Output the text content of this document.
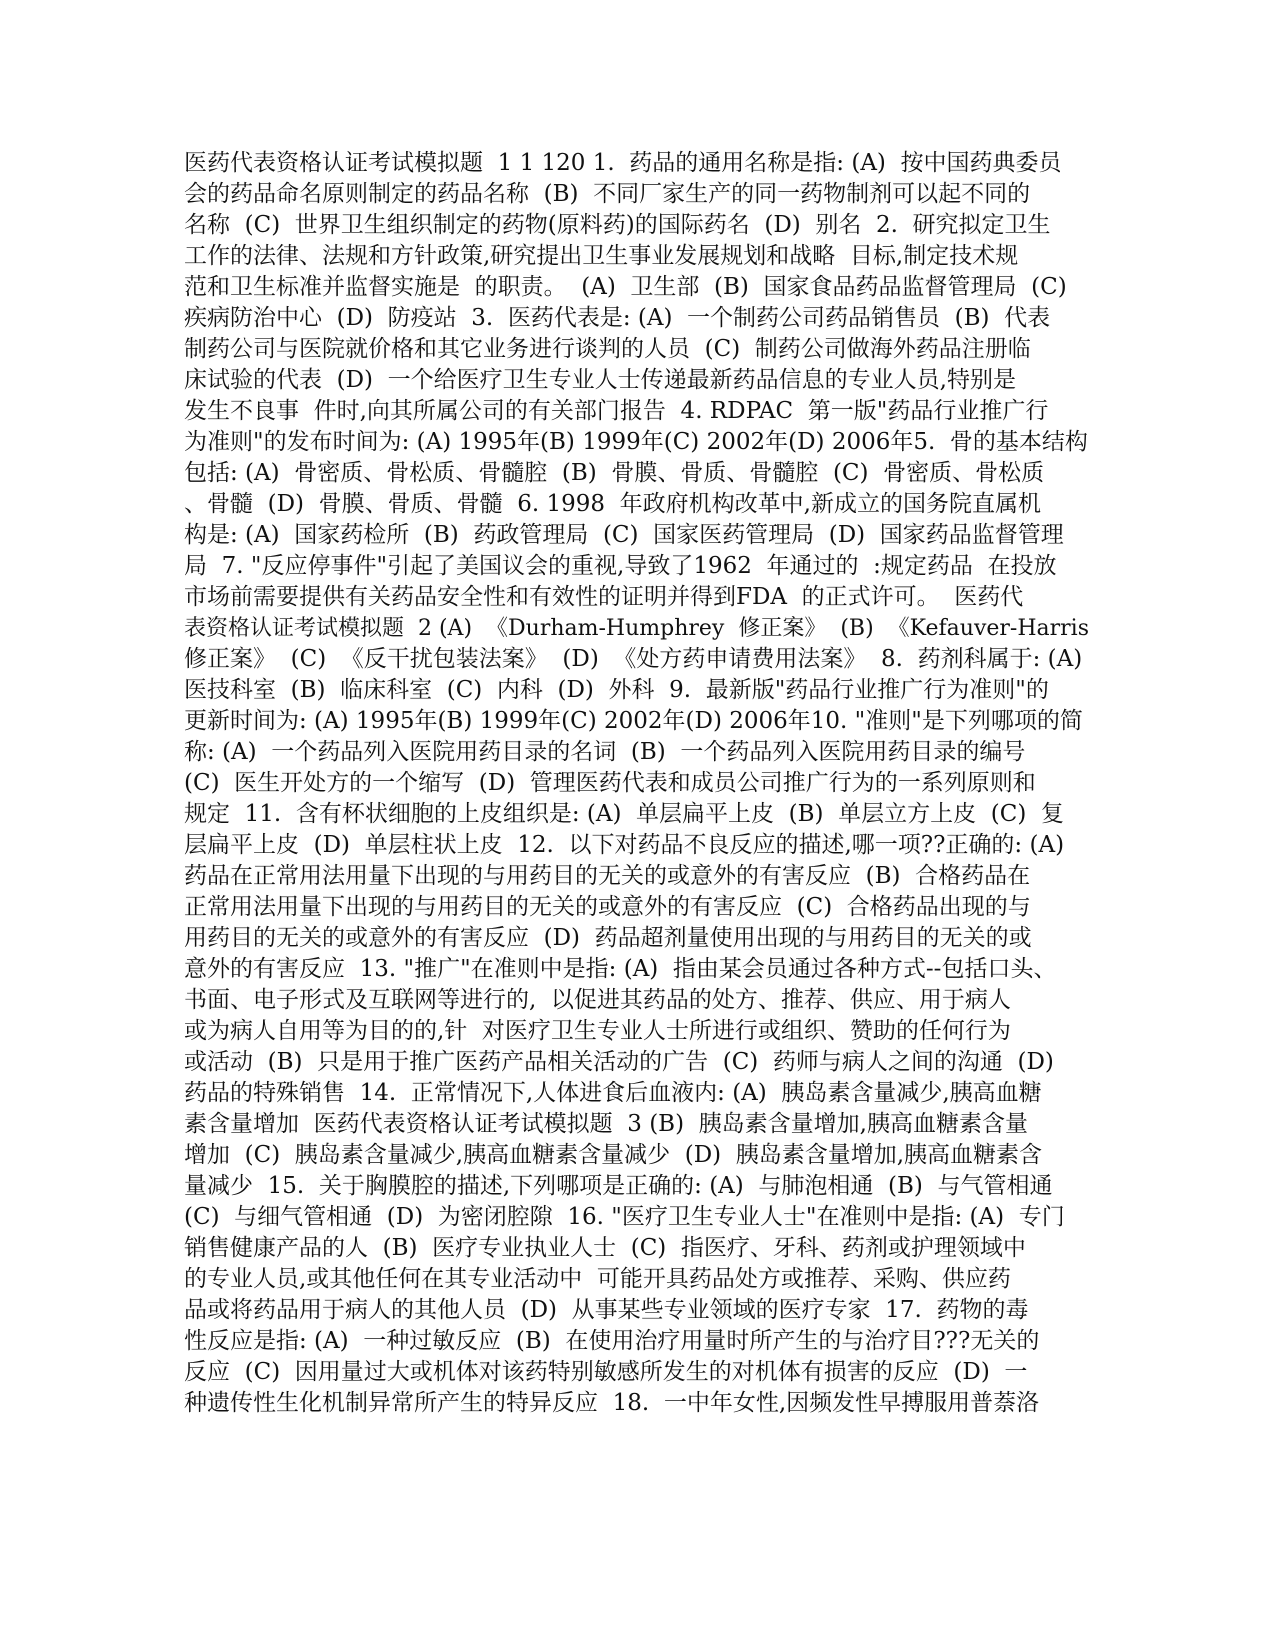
医药代表资格认证考试模拟题  1 1 120 1.  药品的通用名称是指: (A)  按中国药典委员
会的药品命名原则制定的药品名称  (B)  不同厂家生产的同一药物制剂可以起不同的
名称  (C)  世界卫生组织制定的药物(原料药)的国际药名  (D)  别名  2.  研究拟定卫生
工作的法律、法规和方针政策,研究提出卫生事业发展规划和战略  目标,制定技术规
范和卫生标准并监督实施是  的职责。  (A)  卫生部  (B)  国家食品药品监督管理局  (C)
疾病防治中心  (D)  防疫站  3.  医药代表是: (A)  一个制药公司药品销售员  (B)  代表
制药公司与医院就价格和其它业务进行谈判的人员  (C)  制药公司做海外药品注册临
床试验的代表  (D)  一个给医疗卫生专业人士传递最新药品信息的专业人员,特别是
发生不良事  件时,向其所属公司的有关部门报告  4. RDPAC  第一版"药品行业推广行
为准则"的发布时间为: (A) 1995年(B) 1999年(C) 2002年(D) 2006年5.  骨的基本结构
包括: (A)  骨密质、骨松质、骨髓腔  (B)  骨膜、骨质、骨髓腔  (C)  骨密质、骨松质
、骨髓  (D)  骨膜、骨质、骨髓  6. 1998  年政府机构改革中,新成立的国务院直属机
构是: (A)  国家药检所  (B)  药政管理局  (C)  国家医药管理局  (D)  国家药品监督管理
局  7. "反应停事件"引起了美国议会的重视,导致了1962  年通过的  :规定药品  在投放
市场前需要提供有关药品安全性和有效性的证明并得到FDA  的正式许可。  医药代
表资格认证考试模拟题  2 (A)  《Durham-Humphrey  修正案》  (B)  《Kefauver-Harris
修正案》  (C)  《反干扰包装法案》  (D)  《处方药申请费用法案》  8.  药剂科属于: (A)
医技科室  (B)  临床科室  (C)  内科  (D)  外科  9.  最新版"药品行业推广行为准则"的
更新时间为: (A) 1995年(B) 1999年(C) 2002年(D) 2006年10. "准则"是下列哪项的简
称: (A)  一个药品列入医院用药目录的名词  (B)  一个药品列入医院用药目录的编号
(C)  医生开处方的一个缩写  (D)  管理医药代表和成员公司推广行为的一系列原则和
规定  11.  含有杯状细胞的上皮组织是: (A)  单层扁平上皮  (B)  单层立方上皮  (C)  复
层扁平上皮  (D)  单层柱状上皮  12.  以下对药品不良反应的描述,哪一项??正确的: (A)
药品在正常用法用量下出现的与用药目的无关的或意外的有害反应  (B)  合格药品在
正常用法用量下出现的与用药目的无关的或意外的有害反应  (C)  合格药品出现的与
用药目的无关的或意外的有害反应  (D)  药品超剂量使用出现的与用药目的无关的或
意外的有害反应  13. "推广"在准则中是指: (A)  指由某会员通过各种方式--包括口头、
书面、电子形式及互联网等进行的,  以促进其药品的处方、推荐、供应、用于病人
或为病人自用等为目的的,针  对医疗卫生专业人士所进行或组织、赞助的任何行为
或活动  (B)  只是用于推广医药产品相关活动的广告  (C)  药师与病人之间的沟通  (D)
药品的特殊销售  14.  正常情况下,人体进食后血液内: (A)  胰岛素含量减少,胰高血糖
素含量增加  医药代表资格认证考试模拟题  3 (B)  胰岛素含量增加,胰高血糖素含量
增加  (C)  胰岛素含量减少,胰高血糖素含量减少  (D)  胰岛素含量增加,胰高血糖素含
量减少  15.  关于胸膜腔的描述,下列哪项是正确的: (A)  与肺泡相通  (B)  与气管相通
(C)  与细气管相通  (D)  为密闭腔隙  16. "医疗卫生专业人士"在准则中是指: (A)  专门
销售健康产品的人  (B)  医疗专业执业人士  (C)  指医疗、牙科、药剂或护理领域中
的专业人员,或其他任何在其专业活动中  可能开具药品处方或推荐、采购、供应药
品或将药品用于病人的其他人员  (D)  从事某些专业领域的医疗专家  17.  药物的毒
性反应是指: (A)  一种过敏反应  (B)  在使用治疗用量时所产生的与治疗目???无关的
反应  (C)  因用量过大或机体对该药特别敏感所发生的对机体有损害的反应  (D)  一
种遗传性生化机制异常所产生的特异反应  18.  一中年女性,因频发性早搏服用普萘洛
